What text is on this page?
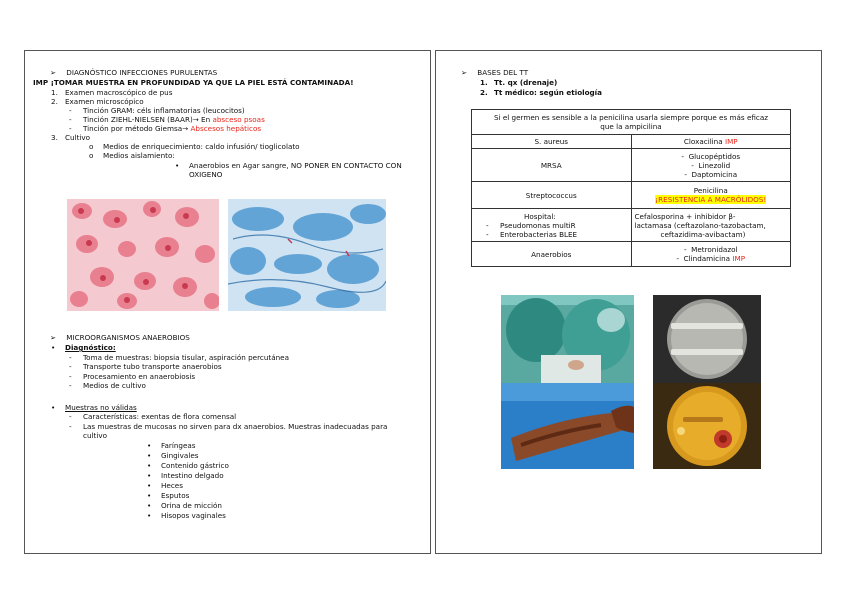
➢ DIAGNÓSTICO INFECCIONES PURULENTAS
IMP ¡TOMAR MUESTRA EN PROFUNDIDAD YA QUE LA PIEL ESTÁ CONTAMINADA!
1. Examen macroscópico de pus
2. Examen microscópico
- Tinción GRAM: céls inflamatorias (leucocitos)
- Tinción ZIEHL-NIELSEN (BAAR)→ En absceso psoas
- Tinción por método Giemsa→ Abscesos hepáticos
3. Cultivo
o Medios de enriquecimiento: caldo infusión/ tioglicolato
o Medios aislamiento:
• Anaerobios en Agar sangre, NO PONER EN CONTACTO CON
OXIGENO
➢ MICROORGANISMOS ANAEROBIOS
• Diagnóstico:
- Toma de muestras: biopsia tisular, aspiración percutánea
- Transporte tubo transporte anaerobios
- Procesamiento en anaerobiosis
- Medios de cultivo
• Muestras no válidas
- Características: exentas de flora comensal
- Las muestras de mucosas no sirven para dx anaerobios. Muestras inadecuadas para
cultivo
• Faríngeas
• Gingivales
• Contenido gástrico
• Intestino delgado
• Heces
• Esputos
• Orina de micción
• Hisopos vaginales
➢ BASES DEL TT
1. Tt. qx (drenaje)
2. Tt médico: según etiología
Si el germen es sensible a la penicilina usarla siempre porque es más eficaz
que la ampicilina	
S. aureus	Cloxacilina IMP
MRSA	- Glucopéptidos
- Linezolid
- Daptomicina
Streptococcus	Penicilina
¡RESISTENCIA A MACRÓLIDOS!
Hospital:
- Pseudomonas multiR
- Enterobacterias BLEE	Cefalosporina + inhibidor β-
lactamasa (ceftazolano-tazobactam,
ceftazidima-avibactam)
Anaerobios	- Metronidazol
- Clindamicina IMP
